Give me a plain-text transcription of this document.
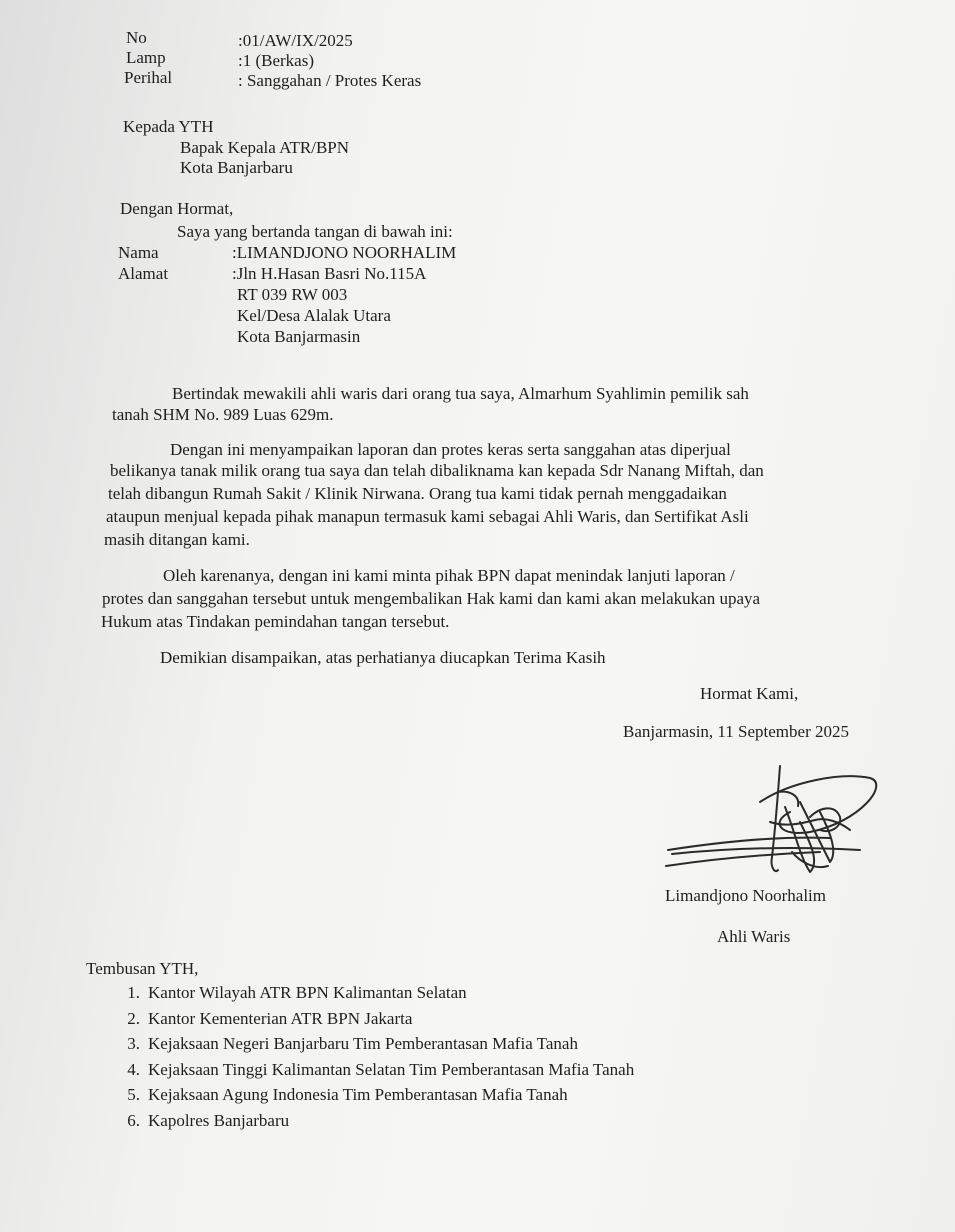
No	:01/AW/IX/2025
Lamp	:1 (Berkas)
Perihal	: Sanggahan / Protes Keras
Kepada YTH
Bapak Kepala ATR/BPN
Kota Banjarbaru
Dengan Hormat,
Saya yang bertanda tangan di bawah ini:
Nama	:LIMANDJONO NOORHALIM
Alamat	:Jln H.Hasan Basri No.115A
RT 039 RW 003
Kel/Desa Alalak Utara
Kota Banjarmasin
Bertindak mewakili ahli waris dari orang tua saya, Almarhum Syahlimin pemilik sah
tanah SHM No. 989 Luas 629m.
Dengan ini menyampaikan laporan dan protes keras serta sanggahan atas diperjual
belikanya tanak milik orang tua saya dan telah dibaliknama kan kepada Sdr Nanang Miftah, dan
telah dibangun Rumah Sakit / Klinik Nirwana. Orang tua kami tidak pernah menggadaikan
ataupun menjual kepada pihak manapun termasuk kami sebagai Ahli Waris, dan Sertifikat Asli
masih ditangan kami.
Oleh karenanya, dengan ini kami minta pihak BPN dapat menindak lanjuti laporan /
protes dan sanggahan tersebut untuk mengembalikan Hak kami dan kami akan melakukan upaya
Hukum atas Tindakan pemindahan tangan tersebut.
Demikian disampaikan, atas perhatianya diucapkan Terima Kasih
Hormat Kami,
Banjarmasin, 11 September 2025
Limandjono Noorhalim
Ahli Waris
Tembusan YTH,
1. Kantor Wilayah ATR BPN Kalimantan Selatan
2. Kantor Kementerian ATR BPN Jakarta
3. Kejaksaan Negeri Banjarbaru Tim Pemberantasan Mafia Tanah
4. Kejaksaan Tinggi Kalimantan Selatan Tim Pemberantasan Mafia Tanah
5. Kejaksaan Agung Indonesia Tim Pemberantasan Mafia Tanah
6. Kapolres Banjarbaru
